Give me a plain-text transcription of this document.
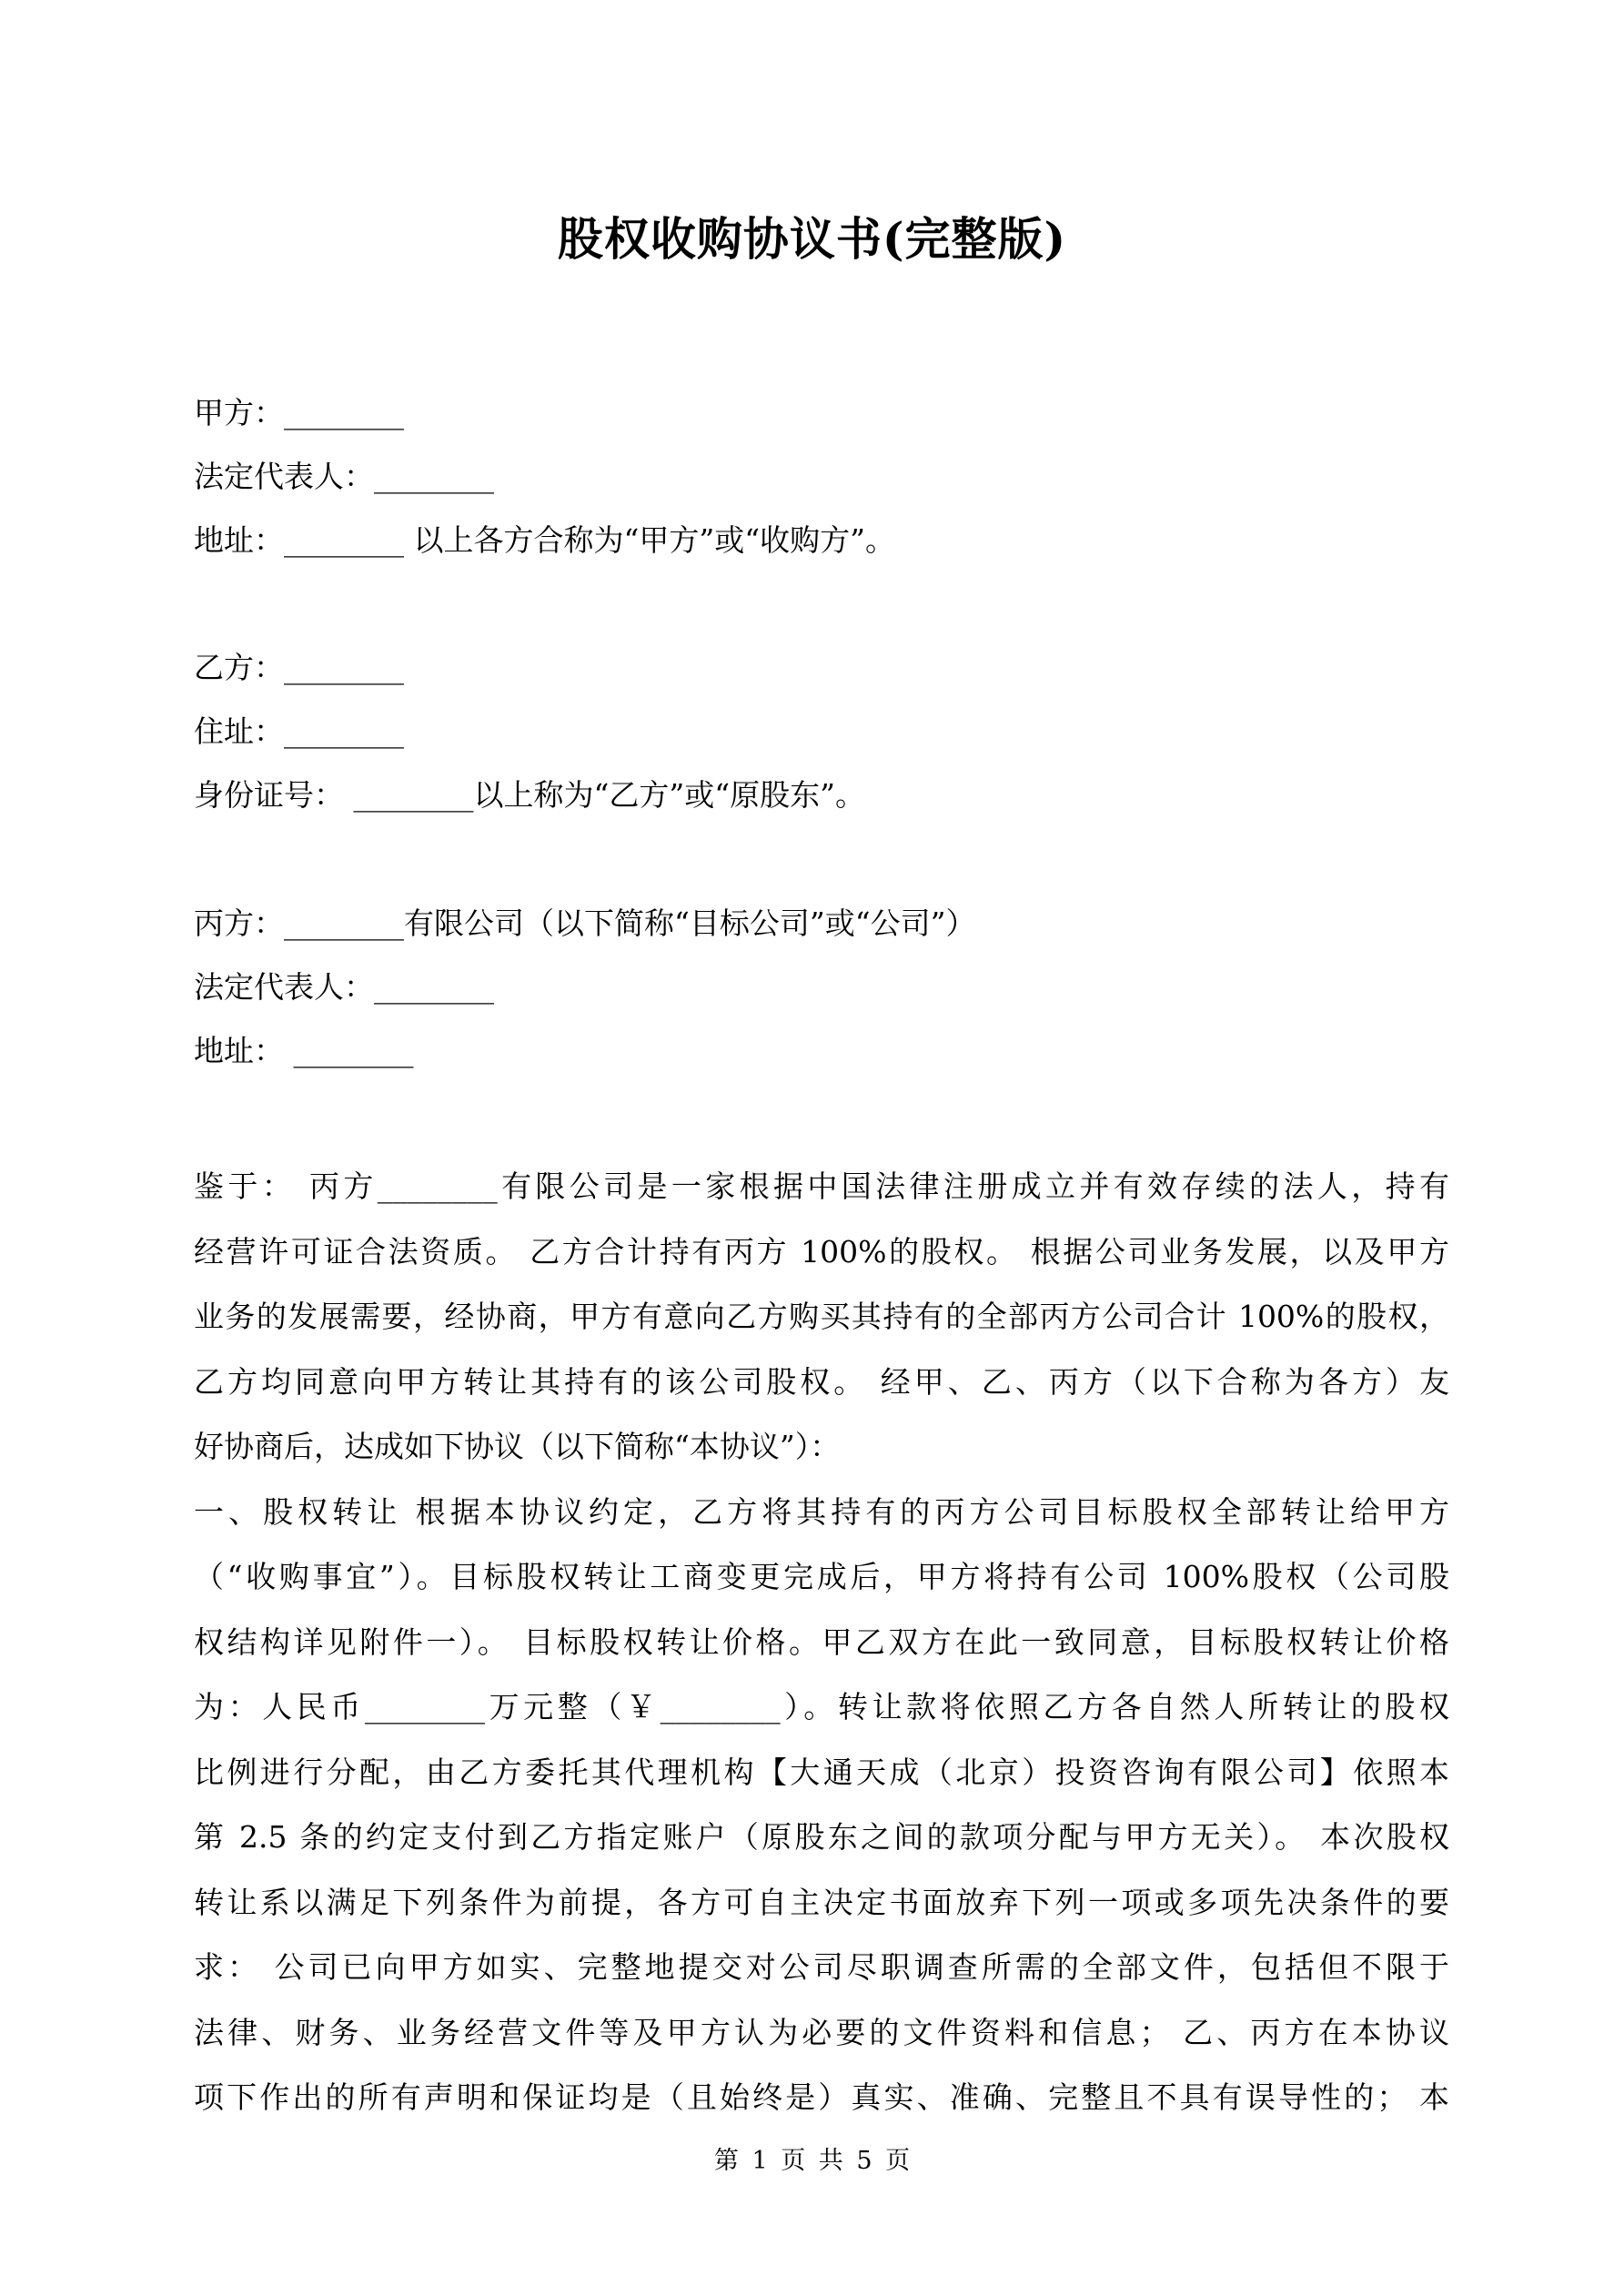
股权收购协议书(完整版)
甲方：________
法定代表人：________
地址：________ 以上各方合称为“甲方”或“收购方”。
乙方：________
住址：________
身份证号： ________以上称为“乙方”或“原股东”。
丙方：________有限公司（以下简称“目标公司”或“公司”）
法定代表人：________
地址： ________
鉴于： 丙方________有限公司是一家根据中国法律注册成立并有效存续的法人，持有
经营许可证合法资质。 乙方合计持有丙方 100%的股权。 根据公司业务发展，以及甲方
业务的发展需要，经协商，甲方有意向乙方购买其持有的全部丙方公司合计 100%的股权，
乙方均同意向甲方转让其持有的该公司股权。 经甲、乙、丙方（以下合称为各方）友
好协商后，达成如下协议（以下简称“本协议”）：
一、股权转让 根据本协议约定，乙方将其持有的丙方公司目标股权全部转让给甲方
（“收购事宜”）。目标股权转让工商变更完成后，甲方将持有公司 100%股权（公司股
权结构详见附件一）。 目标股权转让价格。甲乙双方在此一致同意，目标股权转让价格
为：人民币________万元整（￥________）。转让款将依照乙方各自然人所转让的股权
比例进行分配，由乙方委托其代理机构【大通天成（北京）投资咨询有限公司】依照本
第 2.5 条的约定支付到乙方指定账户（原股东之间的款项分配与甲方无关）。 本次股权
转让系以满足下列条件为前提，各方可自主决定书面放弃下列一项或多项先决条件的要
求： 公司已向甲方如实、完整地提交对公司尽职调查所需的全部文件，包括但不限于
法律、财务、业务经营文件等及甲方认为必要的文件资料和信息； 乙、丙方在本协议
项下作出的所有声明和保证均是（且始终是）真实、准确、完整且不具有误导性的； 本
第 1 页 共 5 页
